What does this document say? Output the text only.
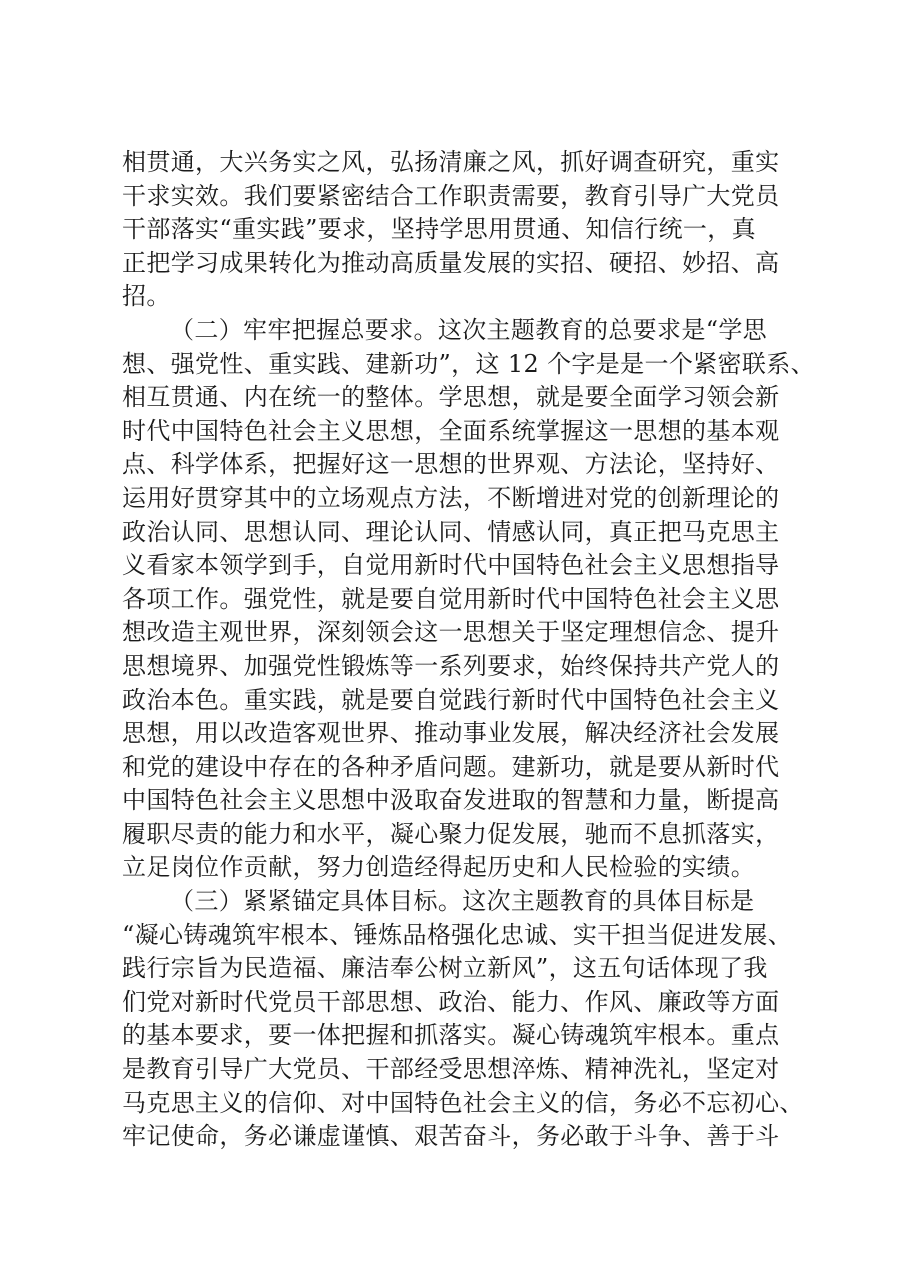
相贯通，大兴务实之风，弘扬清廉之风，抓好调查研究，重实
干求实效。我们要紧密结合工作职责需要，教育引导广大党员
干部落实“重实践”要求，坚持学思用贯通、知信行统一，真
正把学习成果转化为推动高质量发展的实招、硬招、妙招、高
招。
（二）牢牢把握总要求。这次主题教育的总要求是“学思
想、强党性、重实践、建新功”，这 12 个字是是一个紧密联系、
相互贯通、内在统一的整体。学思想，就是要全面学习领会新
时代中国特色社会主义思想，全面系统掌握这一思想的基本观
点、科学体系，把握好这一思想的世界观、方法论，坚持好、
运用好贯穿其中的立场观点方法，不断增进对党的创新理论的
政治认同、思想认同、理论认同、情感认同，真正把马克思主
义看家本领学到手，自觉用新时代中国特色社会主义思想指导
各项工作。强党性，就是要自觉用新时代中国特色社会主义思
想改造主观世界，深刻领会这一思想关于坚定理想信念、提升
思想境界、加强党性锻炼等一系列要求，始终保持共产党人的
政治本色。重实践，就是要自觉践行新时代中国特色社会主义
思想，用以改造客观世界、推动事业发展，解决经济社会发展
和党的建设中存在的各种矛盾问题。建新功，就是要从新时代
中国特色社会主义思想中汲取奋发进取的智慧和力量，断提高
履职尽责的能力和水平，凝心聚力促发展，驰而不息抓落实，
立足岗位作贡献，努力创造经得起历史和人民检验的实绩。
（三）紧紧锚定具体目标。这次主题教育的具体目标是
“凝心铸魂筑牢根本、锤炼品格强化忠诚、实干担当促进发展、
践行宗旨为民造福、廉洁奉公树立新风”，这五句话体现了我
们党对新时代党员干部思想、政治、能力、作风、廉政等方面
的基本要求，要一体把握和抓落实。凝心铸魂筑牢根本。重点
是教育引导广大党员、干部经受思想淬炼、精神洗礼，坚定对
马克思主义的信仰、对中国特色社会主义的信，务必不忘初心、
牢记使命，务必谦虚谨慎、艰苦奋斗，务必敢于斗争、善于斗
